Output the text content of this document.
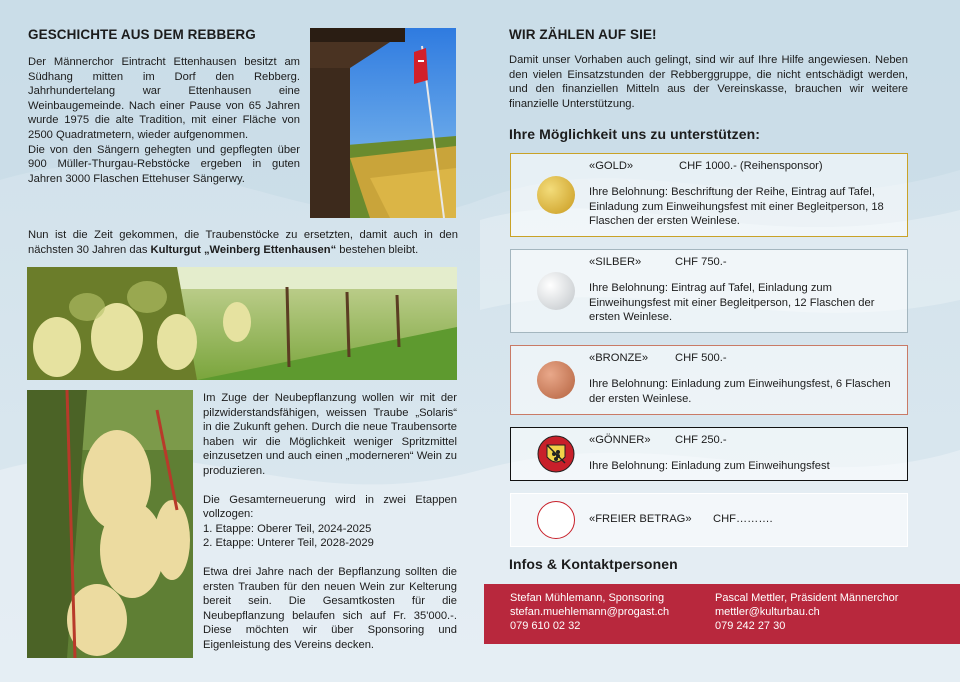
GESCHICHTE AUS DEM REBBERG

Der Männerchor Eintracht Ettenhausen besitzt am Südhang mitten im Dorf den Rebberg. Jahrhundertelang war Ettenhausen eine Weinbaugemeinde. Nach einer Pause von 65 Jahren wurde 1975 die alte Tradition, mit einer Fläche von 2500 Quadratmetern, wieder aufgenommen.

Die von den Sängern gehegten und gepflegten über 900 Müller-Thurgau-Rebstöcke ergeben in guten Jahren 3000 Flaschen Ettehuser Sängerwy.

Nun ist die Zeit gekommen, die Traubenstöcke zu ersetzten, damit auch in den nächsten 30 Jahren das Kulturgut „Weinberg Ettenhausen“ bestehen bleibt.

Im Zuge der Neubepflanzung wollen wir mit der pilzwiderstandsfähigen, weissen Traube „Solaris“ in die Zukunft gehen. Durch die neue Traubensorte haben wir die Möglichkeit weniger Spritzmittel einzusetzen und auch einen „moderneren“ Wein zu produzieren.

Die Gesamterneuerung wird in zwei Etappen vollzogen:

1. Etappe: Oberer Teil, 2024-2025

2. Etappe: Unterer Teil, 2028-2029

Etwa drei Jahre nach der Bepflanzung sollten die ersten Trauben für den neuen Wein zur Kelterung bereit sein. Die Gesamtkosten für die Neubepflanzung belaufen sich auf Fr. 35'000.-. Diese möchten wir über Sponsoring und Eigenleistung des Vereins decken.

WIR ZÄHLEN AUF SIE!

Damit unser Vorhaben auch gelingt, sind wir auf Ihre Hilfe angewiesen. Neben den vielen Einsatzstunden der Rebberggruppe, die nicht entschädigt werden, und den finanziellen Mitteln aus der Vereinskasse, brauchen wir weitere finanzielle Unterstützung.

Ihre Möglichkeit uns zu unterstützen:
«GOLD»	CHF 1000.- (Reihensponsor)
Ihre Belohnung: Beschriftung der Reihe, Eintrag auf Tafel, Einladung zum Einweihungsfest mit einer Begleitperson, 18 Flaschen der ersten Weinlese.
«SILBER»	CHF 750.-
Ihre Belohnung: Eintrag auf Tafel, Einladung zum Einweihungsfest mit einer Begleitperson, 12 Flaschen der ersten Weinlese.
«BRONZE» CHF 500.-
Ihre Belohnung: Einladung zum Einweihungsfest, 6 Flaschen der ersten Weinlese.
«GÖNNER» CHF 250.-
Ihre Belohnung: Einladung zum Einweihungsfest
«FREIER BETRAG» CHF……….
Infos & Kontaktpersonen
Stefan Mühlemann, Sponsoring
stefan.muehlemann@progast.ch
079 610 02 32
Pascal Mettler, Präsident Männerchor
mettler@kulturbau.ch
079 242 27 30
